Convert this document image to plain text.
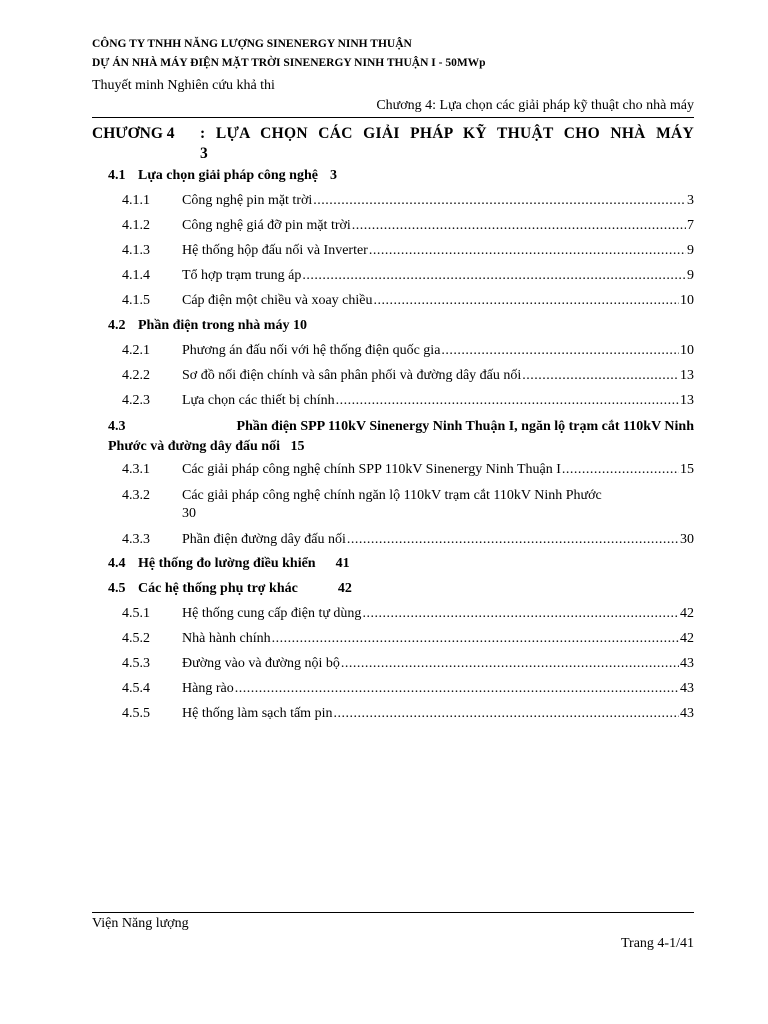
CÔNG TY TNHH NĂNG LƯỢNG SINENERGY NINH THUẬN
DỰ ÁN NHÀ MÁY ĐIỆN MẶT TRỜI SINENERGY NINH THUẬN I - 50MWp
Thuyết minh Nghiên cứu khả thi
Chương 4: Lựa chọn các giải pháp kỹ thuật cho nhà máy
CHƯƠNG 4 : LỰA CHỌN CÁC GIẢI PHÁP KỸ THUẬT CHO NHÀ MÁY
3
4.1 Lựa chọn giải pháp công nghệ 3
4.1.1	Công nghệ pin mặt trời .....	3
4.1.2	Công nghệ giá đỡ pin mặt trời .....	7
4.1.3	Hệ thống hộp đấu nối và Inverter .....	9
4.1.4	Tổ hợp trạm trung áp .....	9
4.1.5	Cáp điện một chiều và xoay chiều .....	10
4.2 Phần điện trong nhà máy 10
4.2.1	Phương án đấu nối với hệ thống điện quốc gia .....	10
4.2.2	Sơ đồ nối điện chính và sân phân phối và đường dây đấu nối .....	13
4.2.3	Lựa chọn các thiết bị chính .....	13
4.3	Phần điện SPP 110kV Sinenergy Ninh Thuận I, ngăn lộ trạm cắt 110kV Ninh
Phước và đường dây đấu nối 15
4.3.1	Các giải pháp công nghệ chính SPP 110kV Sinenergy Ninh Thuận I .....	15
4.3.2 Các giải pháp công nghệ chính ngăn lộ 110kV trạm cắt 110kV Ninh Phước
30
4.3.3	Phần điện đường dây đấu nối .....	30
4.4 Hệ thống đo lường điều khiển 41
4.5 Các hệ thống phụ trợ khác	42
4.5.1	Hệ thống cung cấp điện tự dùng .....	42
4.5.2	Nhà hành chính .....	42
4.5.3	Đường vào và đường nội bộ .....	43
4.5.4	Hàng rào .....	43
4.5.5	Hệ thống làm sạch tấm pin .....	43
Viện Năng lượng
Trang 4-1/41
